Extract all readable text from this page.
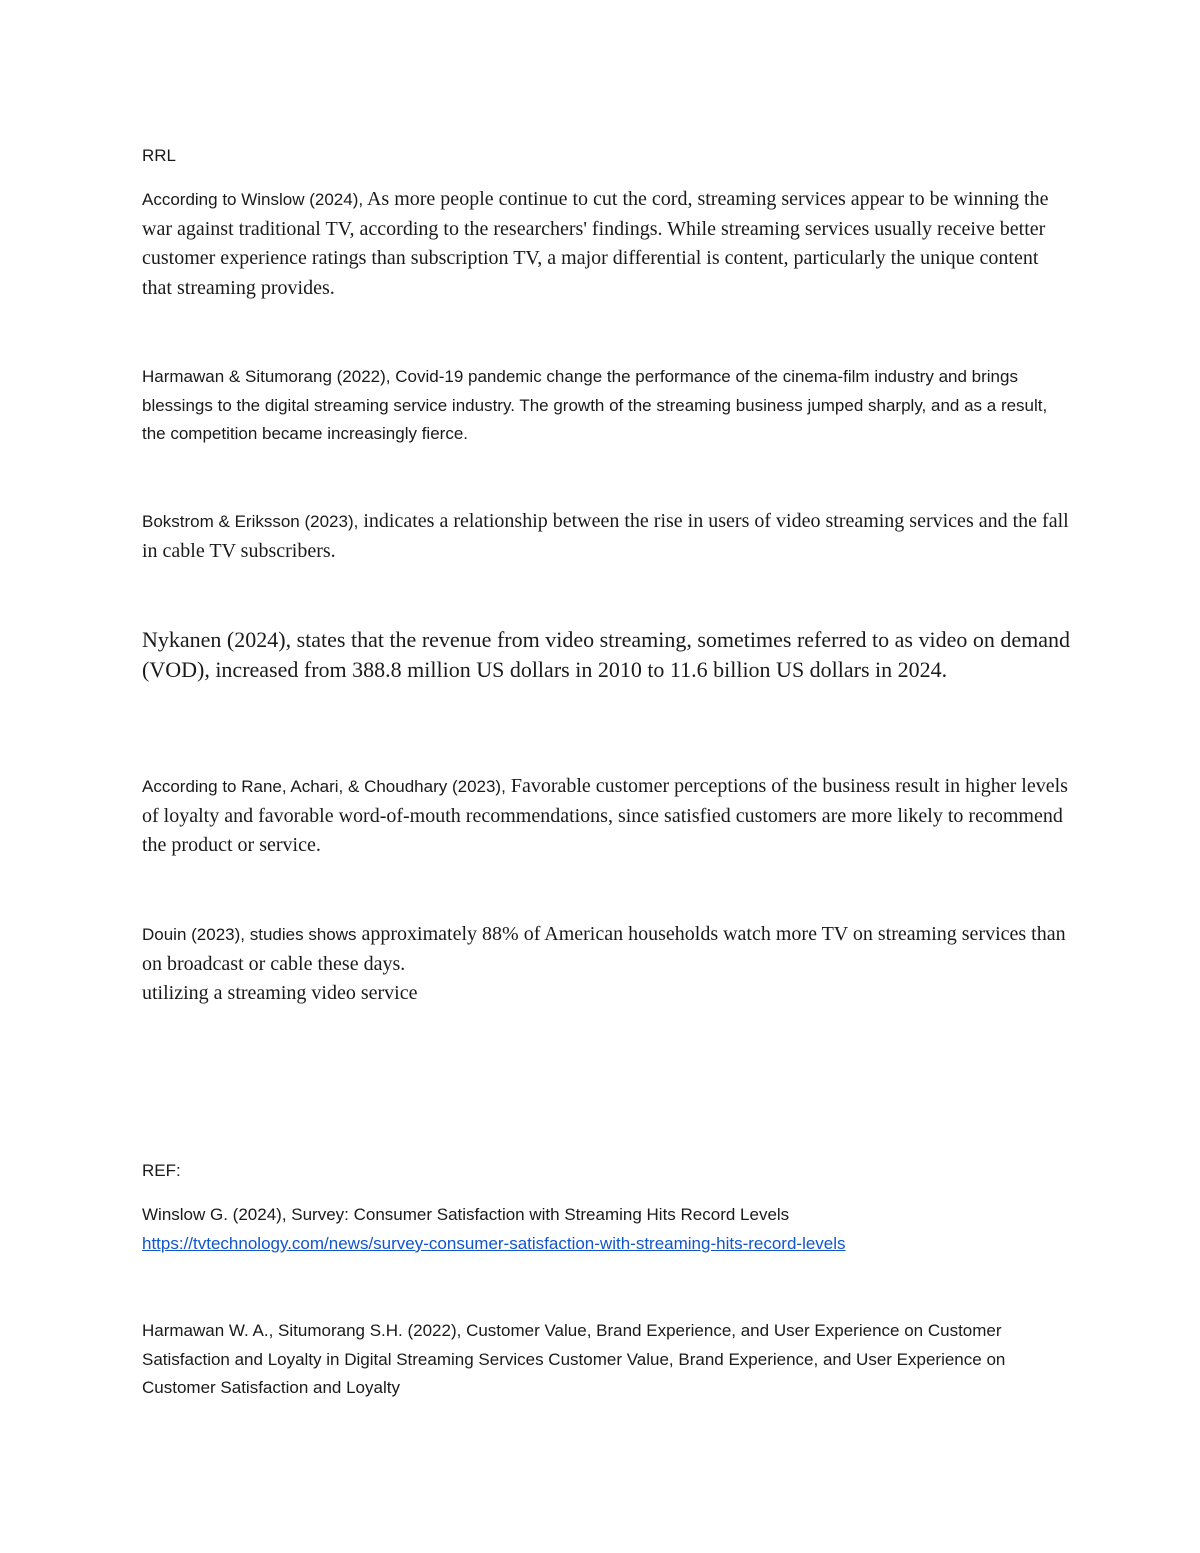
RRL

According to Winslow (2024), As more people continue to cut the cord, streaming services appear to be winning the war against traditional TV, according to the researchers' findings. While streaming services usually receive better customer experience ratings than subscription TV, a major differential is content, particularly the unique content that streaming provides.

Harmawan & Situmorang (2022), Covid-19 pandemic change the performance of the cinema-film industry and brings blessings to the digital streaming service industry. The growth of the streaming business jumped sharply, and as a result, the competition became increasingly fierce.

Bokstrom & Eriksson (2023), indicates a relationship between the rise in users of video streaming services and the fall in cable TV subscribers.

Nykanen (2024), states that the revenue from video streaming, sometimes referred to as video on demand (VOD), increased from 388.8 million US dollars in 2010 to 11.6 billion US dollars in 2024.

According to Rane, Achari, & Choudhary (2023), Favorable customer perceptions of the business result in higher levels of loyalty and favorable word-of-mouth recommendations, since satisfied customers are more likely to recommend the product or service.

Douin (2023), studies shows approximately 88% of American households watch more TV on streaming services than on broadcast or cable these days.
utilizing a streaming video service

REF:

Winslow G. (2024), Survey: Consumer Satisfaction with Streaming Hits Record Levels
https://tvtechnology.com/news/survey-consumer-satisfaction-with-streaming-hits-record-levels

Harmawan W. A., Situmorang S.H. (2022), Customer Value, Brand Experience, and User Experience on Customer Satisfaction and Loyalty in Digital Streaming Services Customer Value, Brand Experience, and User Experience on Customer Satisfaction and Loyalty
